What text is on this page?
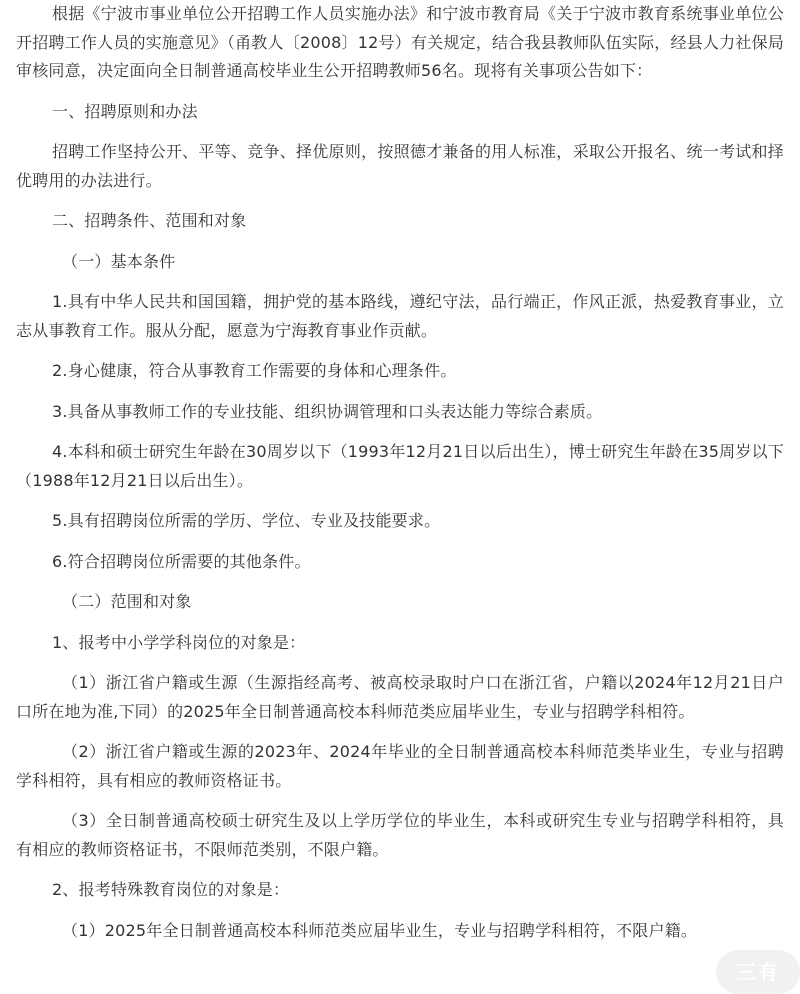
根据《宁波市事业单位公开招聘工作人员实施办法》和宁波市教育局《关于宁波市教育系统事业单位公开招聘工作人员的实施意见》（甬教人〔2008〕12号）有关规定，结合我县教师队伍实际，经县人力社保局审核同意，决定面向全日制普通高校毕业生公开招聘教师56名。现将有关事项公告如下：

一、招聘原则和办法

招聘工作坚持公开、平等、竞争、择优原则，按照德才兼备的用人标准，采取公开报名、统一考试和择优聘用的办法进行。

二、招聘条件、范围和对象

（一）基本条件

1.具有中华人民共和国国籍，拥护党的基本路线，遵纪守法，品行端正，作风正派，热爱教育事业，立志从事教育工作。服从分配，愿意为宁海教育事业作贡献。

2.身心健康，符合从事教育工作需要的身体和心理条件。

3.具备从事教师工作的专业技能、组织协调管理和口头表达能力等综合素质。

4.本科和硕士研究生年龄在30周岁以下（1993年12月21日以后出生），博士研究生年龄在35周岁以下（1988年12月21日以后出生）。

5.具有招聘岗位所需的学历、学位、专业及技能要求。

6.符合招聘岗位所需要的其他条件。

（二）范围和对象

1、报考中小学学科岗位的对象是：

（1）浙江省户籍或生源（生源指经高考、被高校录取时户口在浙江省，户籍以2024年12月21日户口所在地为准,下同）的2025年全日制普通高校本科师范类应届毕业生，专业与招聘学科相符。

（2）浙江省户籍或生源的2023年、2024年毕业的全日制普通高校本科师范类毕业生，专业与招聘学科相符，具有相应的教师资格证书。

（3）全日制普通高校硕士研究生及以上学历学位的毕业生，本科或研究生专业与招聘学科相符，具有相应的教师资格证书，不限师范类别，不限户籍。

2、报考特殊教育岗位的对象是：

（1）2025年全日制普通高校本科师范类应届毕业生，专业与招聘学科相符，不限户籍。

三有
